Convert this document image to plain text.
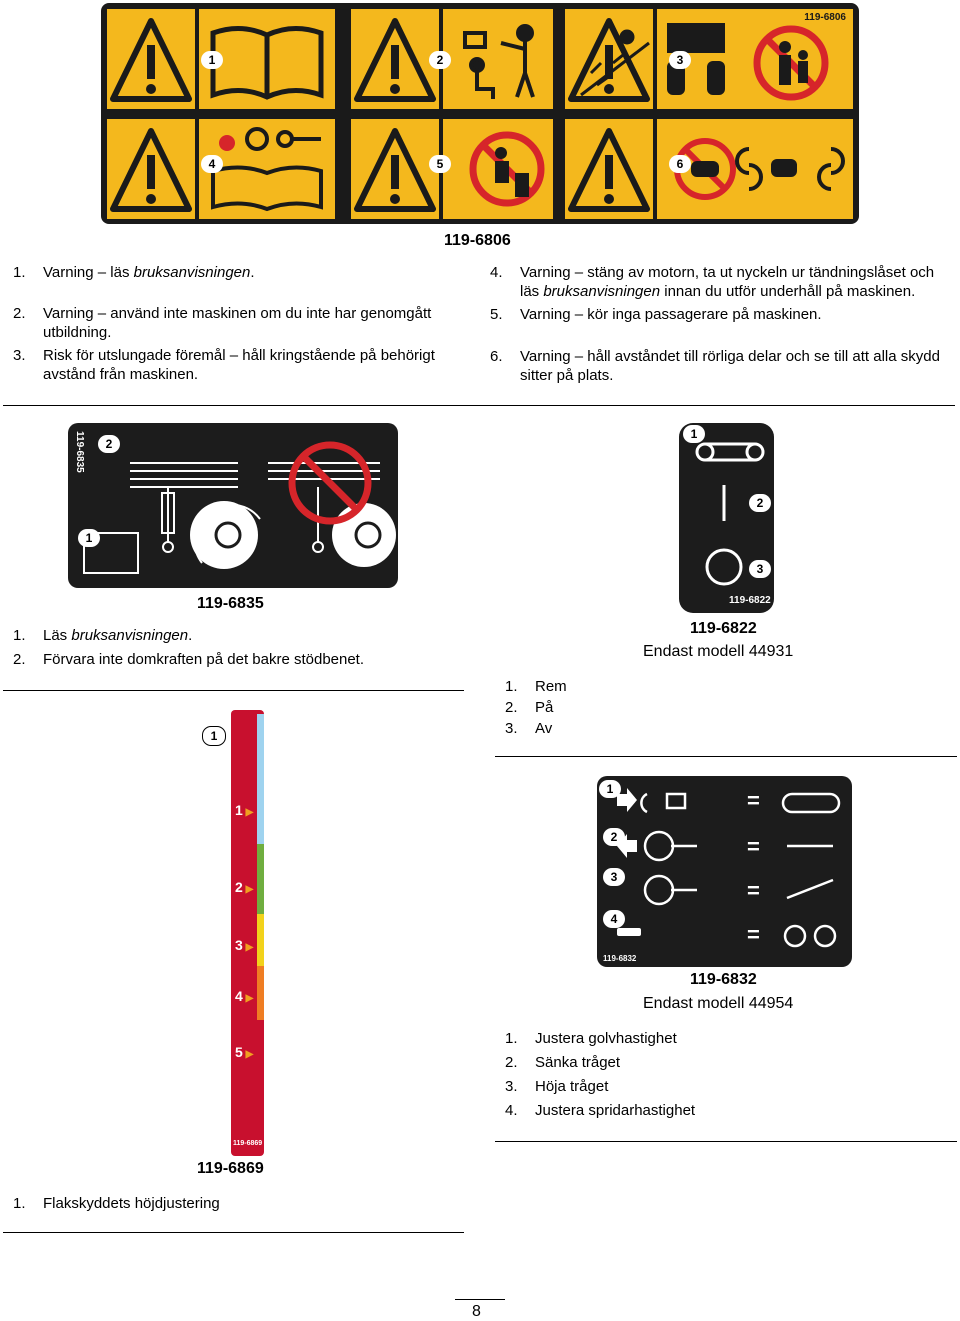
1	2	3
4	5	6
119-6806
119-6806
1. Varning – läs bruksanvisningen.
2. Varning – använd inte maskinen om du inte har genomgått utbildning.
3. Risk för utslungade föremål – håll kringstående på behörigt avstånd från maskinen.
4. Varning – stäng av motorn, ta ut nyckeln ur tändningslåset och läs bruksanvisningen innan du utför underhåll på maskinen.
5. Varning – kör inga passagerare på maskinen.
6. Varning – håll avståndet till rörliga delar och se till att alla skydd sitter på plats.
119-6835	2
1
119-6835
1. Läs bruksanvisningen.
2. Förvara inte domkraften på det bakre stödbenet.
1
2
3
119-6822
119-6822
Endast modell 44931
1. Rem
2. På
3. Av
1
1 ▶
2 ▶
3 ▶
4 ▶
5 ▶
119-6869
119-6869
1. Flakskyddets höjdjustering
1
2
3
4
=
=
=
=
119-6832
119-6832
Endast modell 44954
1. Justera golvhastighet
2. Sänka tråget
3. Höja tråget
4. Justera spridarhastighet
8
